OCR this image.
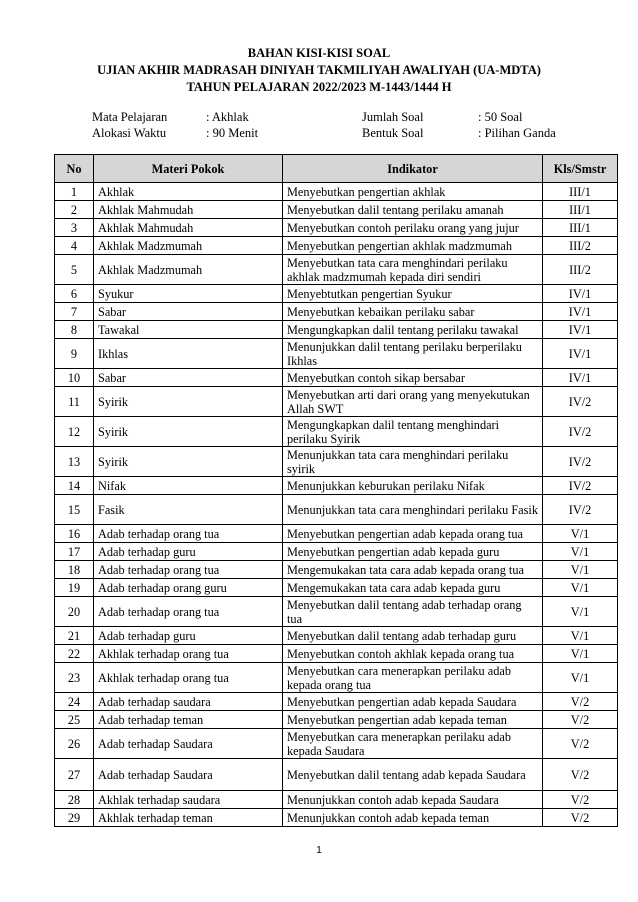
BAHAN KISI-KISI SOAL
UJIAN AKHIR MADRASAH DINIYAH TAKMILIYAH AWALIYAH (UA-MDTA)
TAHUN PELAJARAN 2022/2023 M-1443/1444 H
Mata Pelajaran	: Akhlak
Alokasi Waktu	: 90 Menit
Jumlah Soal	: 50 Soal
Bentuk Soal	: Pilihan Ganda
No	Materi Pokok	Indikator	Kls/Smstr
1	Akhlak	Menyebutkan pengertian akhlak	III/1
2	Akhlak Mahmudah	Menyebutkan dalil tentang perilaku amanah	III/1
3	Akhlak Mahmudah	Menyebutkan contoh perilaku orang yang jujur	III/1
4	Akhlak Madzmumah	Menyebutkan pengertian akhlak madzmumah	III/2
5	Akhlak Madzmumah	Menyebutkan tata cara menghindari perilaku akhlak madzmumah kepada diri sendiri	III/2
6	Syukur	Menyebtutkan pengertian Syukur	IV/1
7	Sabar	Menyebutkan kebaikan perilaku sabar	IV/1
8	Tawakal	Mengungkapkan dalil tentang perilaku tawakal	IV/1
9	Ikhlas	Menunjukkan dalil tentang perilaku berperilaku Ikhlas	IV/1
10	Sabar	Menyebutkan contoh sikap bersabar	IV/1
11	Syirik	Menyebutkan arti dari orang yang menyekutukan Allah SWT	IV/2
12	Syirik	Mengungkapkan dalil tentang menghindari perilaku Syirik	IV/2
13	Syirik	Menunjukkan tata cara menghindari perilaku syirik	IV/2
14	Nifak	Menunjukkan keburukan perilaku Nifak	IV/2
15	Fasik	Menunjukkan tata cara menghindari perilaku Fasik	IV/2
16	Adab terhadap orang tua	Menyebutkan pengertian adab kepada orang tua	V/1
17	Adab terhadap guru	Menyebutkan pengertian adab kepada guru	V/1
18	Adab terhadap orang tua	Mengemukakan tata cara adab kepada orang tua	V/1
19	Adab terhadap orang guru	Mengemukakan tata cara adab kepada guru	V/1
20	Adab terhadap orang tua	Menyebutkan dalil tentang adab terhadap orang tua	V/1
21	Adab terhadap guru	Menyebutkan dalil tentang adab terhadap guru	V/1
22	Akhlak terhadap orang tua	Menyebutkan contoh akhlak kepada orang tua	V/1
23	Akhlak terhadap orang tua	Menyebutkan cara menerapkan perilaku adab kepada orang tua	V/1
24	Adab terhadap saudara	Menyebutkan pengertian adab kepada Saudara	V/2
25	Adab terhadap teman	Menyebutkan pengertian adab kepada teman	V/2
26	Adab terhadap Saudara	Menyebutkan cara menerapkan perilaku adab kepada Saudara	V/2
27	Adab terhadap Saudara	Menyebutkan dalil tentang adab kepada Saudara	V/2
28	Akhlak terhadap saudara	Menunjukkan contoh adab kepada Saudara	V/2
29	Akhlak terhadap teman	Menunjukkan contoh adab kepada teman	V/2
1
